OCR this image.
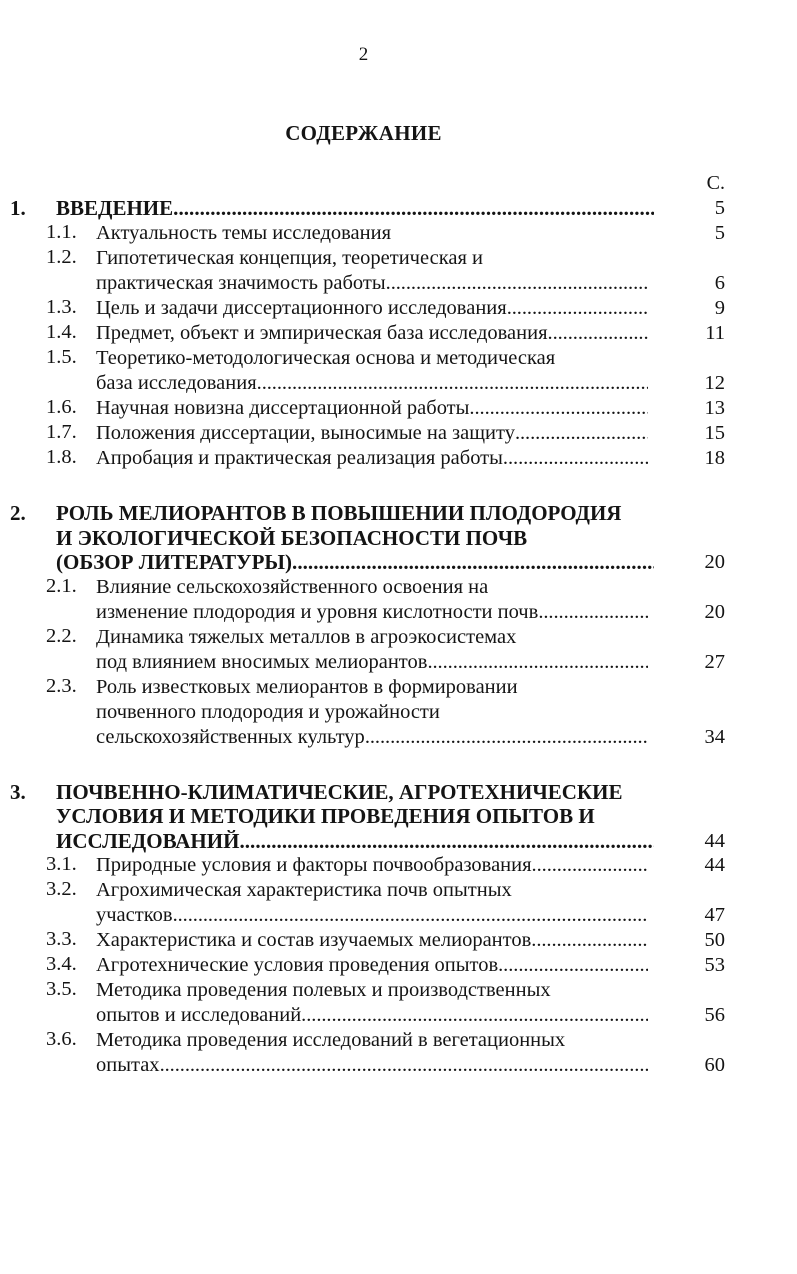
2
СОДЕРЖАНИЕ
С.
1.	ВВЕДЕНИЕ . . .	5
1.1. Актуальность темы исследования	5
1.2. Гипотетическая концепция, теоретическая и
практическая значимость работы . . .	6
1.3. Цель и задачи диссертационного исследования . . .	9
1.4. Предмет, объект и эмпирическая база исследования . . .	11
1.5. Теоретико-методологическая основа и методическая
база исследования . . .	12
1.6. Научная новизна диссертационной работы . . .	13
1.7. Положения диссертации, выносимые на защиту . . .	15
1.8. Апробация и практическая реализация работы . . .	18
2.	РОЛЬ МЕЛИОРАНТОВ В ПОВЫШЕНИИ ПЛОДОРОДИЯ
И ЭКОЛОГИЧЕСКОЙ БЕЗОПАСНОСТИ ПОЧВ
(ОБЗОР ЛИТЕРАТУРЫ) . . .	20
2.1. Влияние сельскохозяйственного освоения на
изменение плодородия и уровня кислотности почв . . .	20
2.2. Динамика тяжелых металлов в агроэкосистемах
под влиянием вносимых мелиорантов . . .	27
2.3. Роль известковых мелиорантов в формировании
почвенного плодородия и урожайности
сельскохозяйственных культур . . .	34
3.	ПОЧВЕННО-КЛИМАТИЧЕСКИЕ, АГРОТЕХНИЧЕСКИЕ
УСЛОВИЯ И МЕТОДИКИ ПРОВЕДЕНИЯ ОПЫТОВ И
ИССЛЕДОВАНИЙ . . .	44
3.1. Природные условия и факторы почвообразования . . .	44
3.2. Агрохимическая характеристика почв опытных
участков . . .	47
3.3. Характеристика и состав изучаемых мелиорантов . . .	50
3.4. Агротехнические условия проведения опытов . . .	53
3.5. Методика проведения полевых и производственных
опытов и исследований . . .	56
3.6. Методика проведения исследований в вегетационных
опытах . . .	60
